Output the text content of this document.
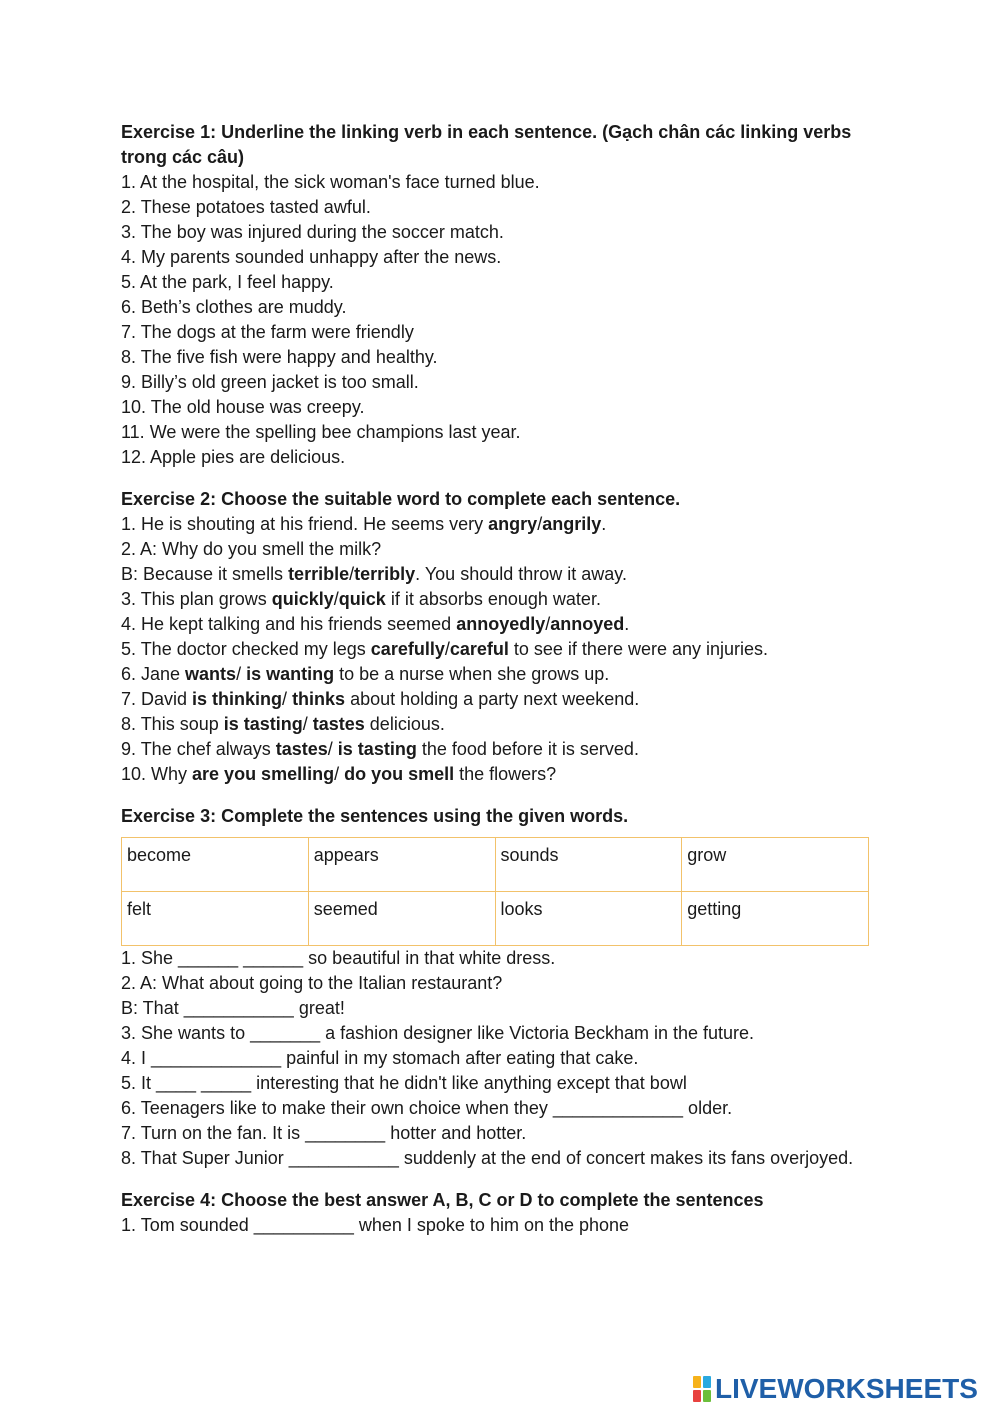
Exercise 1: Underline the linking verb in each sentence. (Gạch chân các linking verbs trong các câu)
1. At the hospital, the sick woman's face turned blue.
2. These potatoes tasted awful.
3. The boy was injured during the soccer match.
4. My parents sounded unhappy after the news.
5. At the park, I feel happy.
6. Beth’s clothes are muddy.
7. The dogs at the farm were friendly
8. The five fish were happy and healthy.
9. Billy’s old green jacket is too small.
10. The old house was creepy.
11. We were the spelling bee champions last year.
12. Apple pies are delicious.
Exercise 2: Choose the suitable word to complete each sentence.
1. He is shouting at his friend. He seems very angry/angrily.
2. A: Why do you smell the milk?
B: Because it smells terrible/terribly. You should throw it away.
3. This plan grows quickly/quick if it absorbs enough water.
4. He kept talking and his friends seemed annoyedly/annoyed.
5. The doctor checked my legs carefully/careful to see if there were any injuries.
6. Jane wants/ is wanting to be a nurse when she grows up.
7. David is thinking/ thinks about holding a party next weekend.
8. This soup is tasting/ tastes delicious.
9. The chef always tastes/ is tasting the food before it is served.
10. Why are you smelling/ do you smell the flowers?
Exercise 3: Complete the sentences using the given words.
become	appears	sounds	grow
felt	seemed	looks	getting
1. She ______ ______ so beautiful in that white dress.
2. A: What about going to the Italian restaurant?
B: That ___________ great!
3. She wants to _______ a fashion designer like Victoria Beckham in the future.
4. I _____________ painful in my stomach after eating that cake.
5. It ____ _____ interesting that he didn't like anything except that bowl
6. Teenagers like to make their own choice when they _____________ older.
7. Turn on the fan. It is ________ hotter and hotter.
8. That Super Junior ___________ suddenly at the end of concert makes its fans overjoyed.
Exercise 4: Choose the best answer A, B, C or D to complete the sentences
1. Tom sounded __________ when I spoke to him on the phone
LIVEWORKSHEETS
